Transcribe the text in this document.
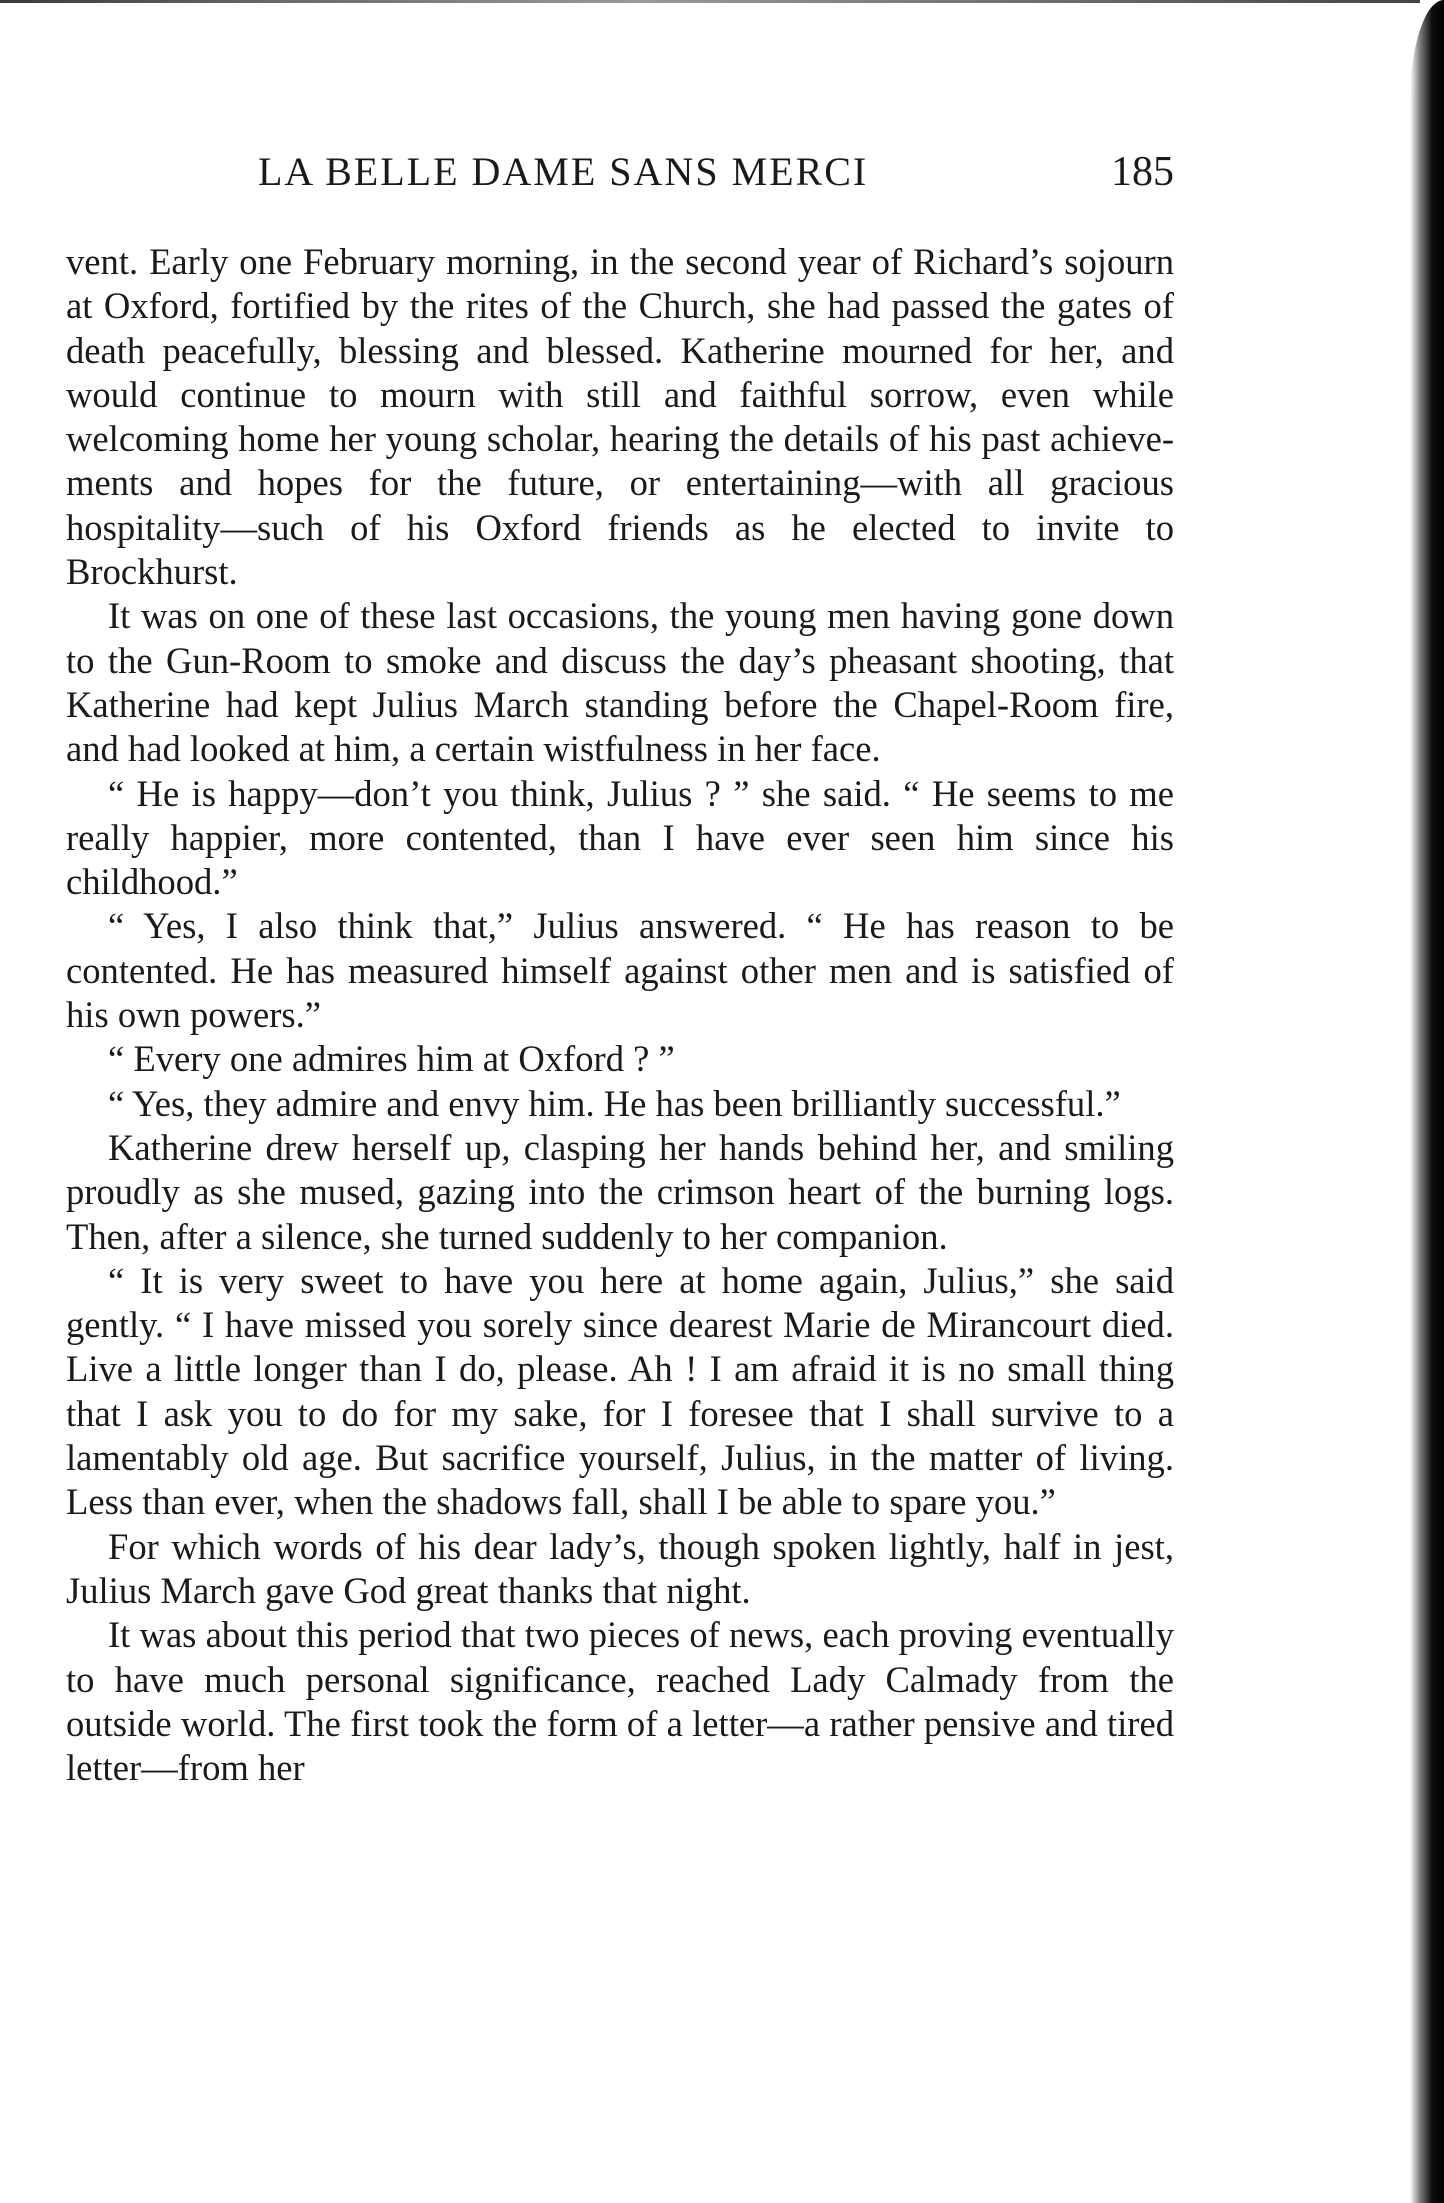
LA BELLE DAME SANS MERCI	185

vent. Early one February morning, in the second year of Richard’s sojourn at Oxford, fortified by the rites of the Church, she had passed the gates of death peacefully, blessing and blessed. Katherine mourned for her, and would continue to mourn with still and faithful sorrow, even while welcoming home her young scholar, hearing the details of his past achievements and hopes for the future, or entertaining—with all gracious hospitality—such of his Oxford friends as he elected to invite to Brockhurst.

It was on one of these last occasions, the young men having gone down to the Gun-Room to smoke and discuss the day’s pheasant shooting, that Katherine had kept Julius March standing before the Chapel-Room fire, and had looked at him, a certain wistfulness in her face.

“ He is happy—don’t you think, Julius ? ” she said. “ He seems to me really happier, more contented, than I have ever seen him since his childhood.”

“ Yes, I also think that,” Julius answered. “ He has reason to be contented. He has measured himself against other men and is satisfied of his own powers.”

“ Every one admires him at Oxford ? ”

“ Yes, they admire and envy him. He has been brilliantly successful.”

Katherine drew herself up, clasping her hands behind her, and smiling proudly as she mused, gazing into the crimson heart of the burning logs. Then, after a silence, she turned suddenly to her companion.

“ It is very sweet to have you here at home again, Julius,” she said gently. “ I have missed you sorely since dearest Marie de Mirancourt died. Live a little longer than I do, please. Ah ! I am afraid it is no small thing that I ask you to do for my sake, for I foresee that I shall survive to a lamentably old age. But sacrifice yourself, Julius, in the matter of living. Less than ever, when the shadows fall, shall I be able to spare you.”

For which words of his dear lady’s, though spoken lightly, half in jest, Julius March gave God great thanks that night.

It was about this period that two pieces of news, each proving eventually to have much personal significance, reached Lady Calmady from the outside world. The first took the form of a letter—a rather pensive and tired letter—from her
